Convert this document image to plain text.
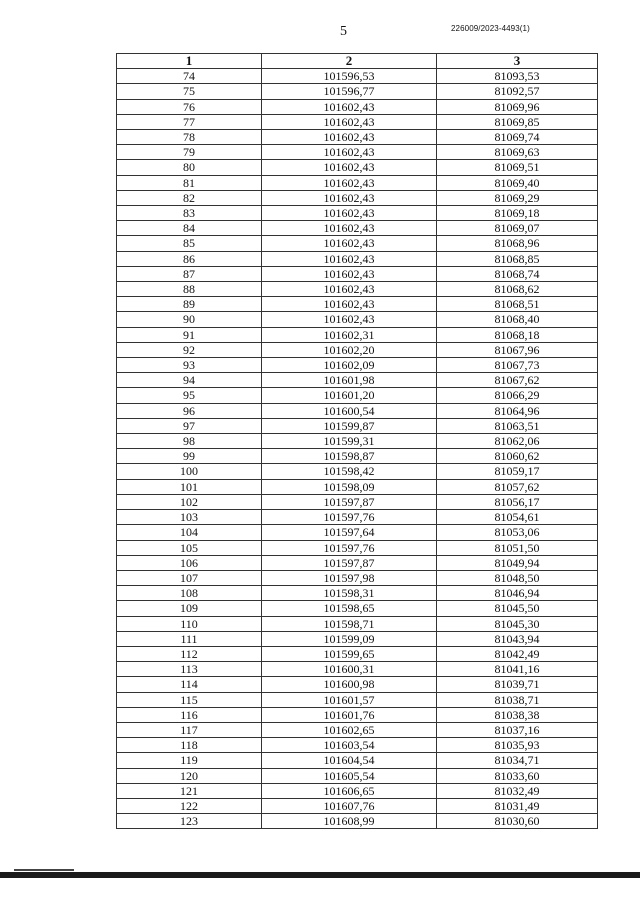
5	226009/2023-4493(1)
1	2	3
74	101596,53	81093,53
75	101596,77	81092,57
76	101602,43	81069,96
77	101602,43	81069,85
78	101602,43	81069,74
79	101602,43	81069,63
80	101602,43	81069,51
81	101602,43	81069,40
82	101602,43	81069,29
83	101602,43	81069,18
84	101602,43	81069,07
85	101602,43	81068,96
86	101602,43	81068,85
87	101602,43	81068,74
88	101602,43	81068,62
89	101602,43	81068,51
90	101602,43	81068,40
91	101602,31	81068,18
92	101602,20	81067,96
93	101602,09	81067,73
94	101601,98	81067,62
95	101601,20	81066,29
96	101600,54	81064,96
97	101599,87	81063,51
98	101599,31	81062,06
99	101598,87	81060,62
100	101598,42	81059,17
101	101598,09	81057,62
102	101597,87	81056,17
103	101597,76	81054,61
104	101597,64	81053,06
105	101597,76	81051,50
106	101597,87	81049,94
107	101597,98	81048,50
108	101598,31	81046,94
109	101598,65	81045,50
110	101598,71	81045,30
111	101599,09	81043,94
112	101599,65	81042,49
113	101600,31	81041,16
114	101600,98	81039,71
115	101601,57	81038,71
116	101601,76	81038,38
117	101602,65	81037,16
118	101603,54	81035,93
119	101604,54	81034,71
120	101605,54	81033,60
121	101606,65	81032,49
122	101607,76	81031,49
123	101608,99	81030,60
